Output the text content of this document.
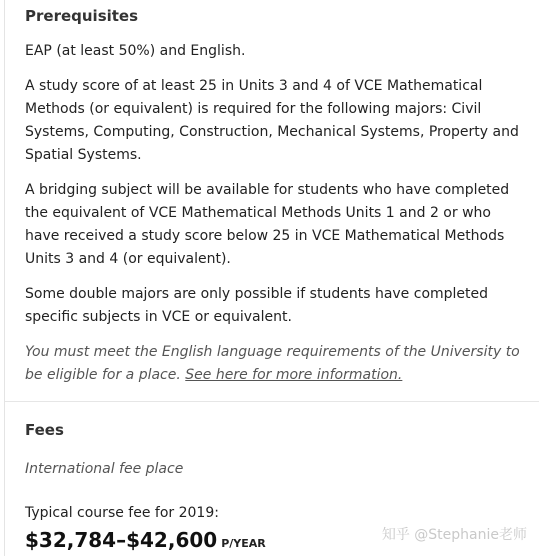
Prerequisites

EAP (at least 50%) and English.

A study score of at least 25 in Units 3 and 4 of VCE Mathematical Methods (or equivalent) is required for the following majors: Civil Systems, Computing, Construction, Mechanical Systems, Property and Spatial Systems.

A bridging subject will be available for students who have completed the equivalent of VCE Mathematical Methods Units 1 and 2 or who have received a study score below 25 in VCE Mathematical Methods Units 3 and 4 (or equivalent).

Some double majors are only possible if students have completed specific subjects in VCE or equivalent.

You must meet the English language requirements of the University to be eligible for a place. See here for more information.

Fees

International fee place

Typical course fee for 2019:

$32,784–$42,600 P/YEAR
知乎 @Stephanie老师
